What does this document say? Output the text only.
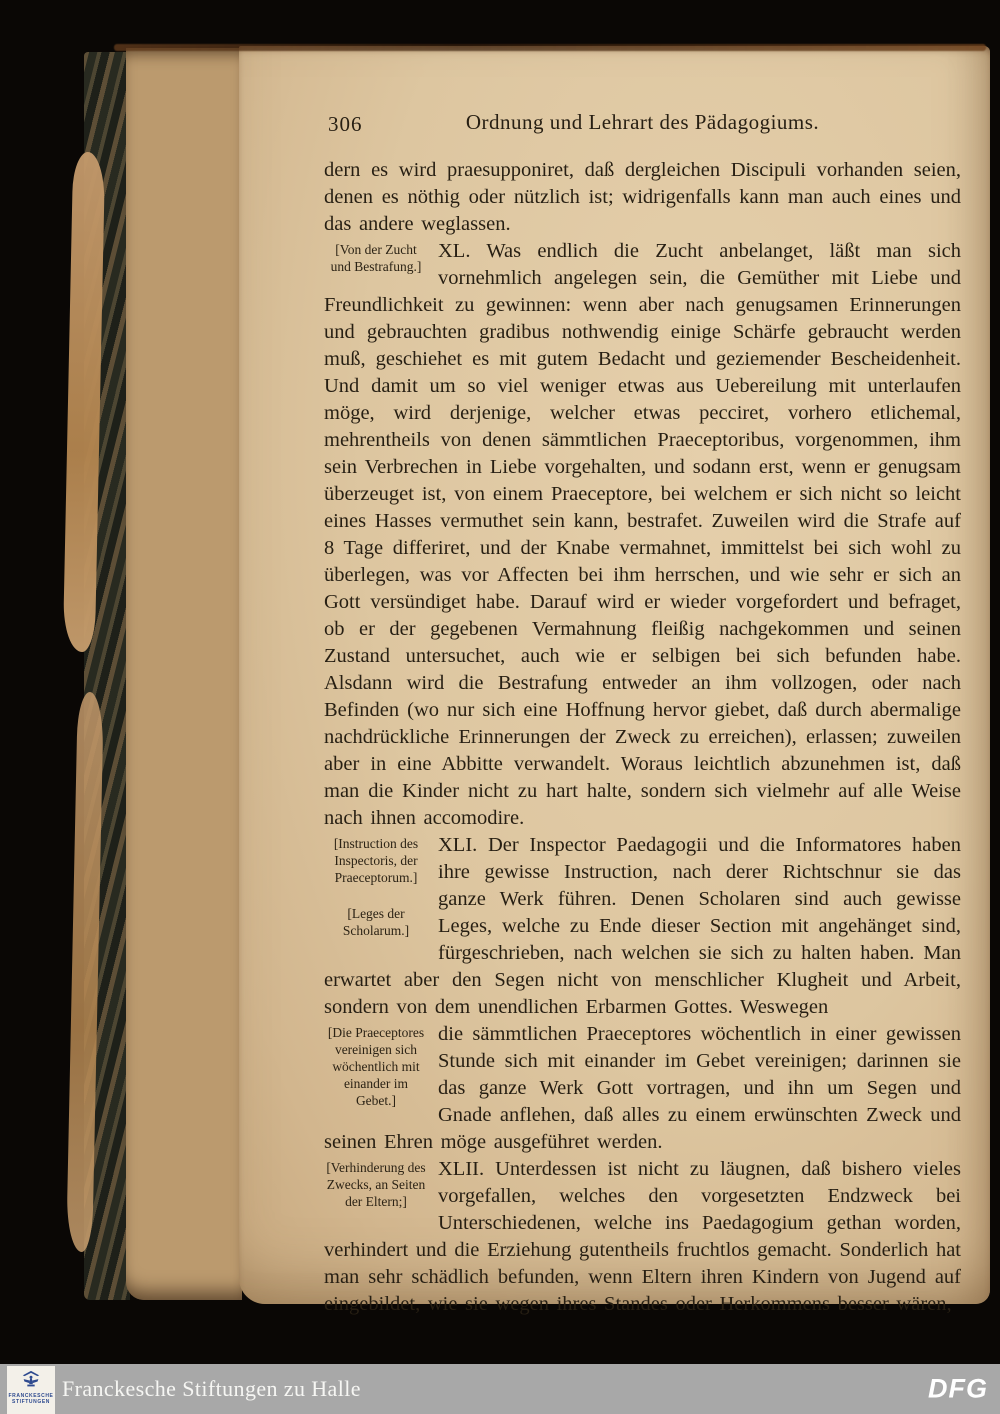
306	Ordnung und Lehrart des Pädagogiums.

dern es wird praesupponiret, daß dergleichen Discipuli vorhanden seien, denen es nöthig oder nützlich ist; widrigenfalls kann man auch eines und das andere weglassen.

[Von der Zucht und Bestrafung.]
XL. Was endlich die Zucht anbelanget, läßt man sich vornehmlich angelegen sein, die Gemüther mit Liebe und Freundlichkeit zu gewinnen: wenn aber nach genugsamen Erinnerungen und gebrauchten gradibus nothwendig einige Schärfe gebraucht werden muß, geschiehet es mit gutem Bedacht und geziemender Bescheidenheit. Und damit um so viel weniger etwas aus Uebereilung mit unterlaufen möge, wird derjenige, welcher etwas pecciret, vorhero etlichemal, mehrentheils von denen sämmtlichen Praeceptoribus, vorgenommen, ihm sein Verbrechen in Liebe vorgehalten, und sodann erst, wenn er genugsam überzeuget ist, von einem Praeceptore, bei welchem er sich nicht so leicht eines Hasses vermuthet sein kann, bestrafet. Zuweilen wird die Strafe auf 8 Tage differiret, und der Knabe vermahnet, immittelst bei sich wohl zu überlegen, was vor Affecten bei ihm herrschen, und wie sehr er sich an Gott versündiget habe. Darauf wird er wieder vorgefordert und befraget, ob er der gegebenen Vermahnung fleißig nachgekommen und seinen Zustand untersuchet, auch wie er selbigen bei sich befunden habe. Alsdann wird die Bestrafung entweder an ihm vollzogen, oder nach Befinden (wo nur sich eine Hoffnung hervor giebet, daß durch abermalige nachdrückliche Erinnerungen der Zweck zu erreichen), erlassen; zuweilen aber in eine Abbitte verwandelt. Woraus leichtlich abzunehmen ist, daß man die Kinder nicht zu hart halte, sondern sich vielmehr auf alle Weise nach ihnen accomodire.

[Instruction des Inspectoris, der Praeceptorum.]
[Leges der Scholarum.]
XLI. Der Inspector Paedagogii und die Informatores haben ihre gewisse Instruction, nach derer Richtschnur sie das ganze Werk führen. Denen Scholaren sind auch gewisse Leges, welche zu Ende dieser Section mit angehänget sind, fürgeschrieben, nach welchen sie sich zu halten haben. Man erwartet aber den Segen nicht von menschlicher Klugheit und Arbeit, sondern von dem unendlichen Erbarmen Gottes. Weswegen

[Die Praeceptores vereinigen sich wöchentlich mit einander im Gebet.]
die sämmtlichen Praeceptores wöchentlich in einer gewissen Stunde sich mit einander im Gebet vereinigen; darinnen sie das ganze Werk Gott vortragen, und ihn um Segen und Gnade anflehen, daß alles zu einem erwünschten Zweck und seinen Ehren möge ausgeführet werden.

[Verhinderung des Zwecks, an Seiten der Eltern;]
XLII. Unterdessen ist nicht zu läugnen, daß bishero vieles vorgefallen, welches den vorgesetzten Endzweck bei Unterschiedenen, welche ins Paedagogium gethan worden, verhindert und die Erziehung gutentheils fruchtlos gemacht. Sonderlich hat man sehr schädlich befunden, wenn Eltern ihren Kindern von Jugend auf eingebildet, wie sie wegen ihres Standes oder Herkommens besser wären,

FRANCKESCHE
STIFTUNGEN
Franckesche Stiftungen zu Halle	DFG
